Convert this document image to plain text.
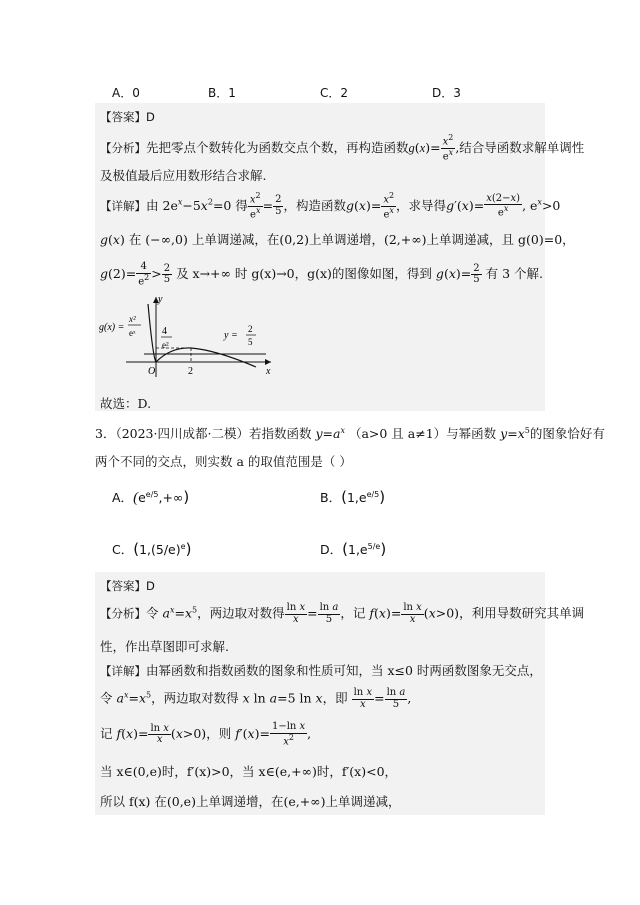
A．0	B．1	C．2	D．3
【答案】D
【分析】先把零点个数转化为函数交点个数，再构造函数$g(x)= \frac{x^2}{e^x}$ ,结合导函数求解单调性
及极值最后应用数形结合求解.
【详解】由 $2e^x-5x^2=0$ 得 $\frac{x^2}{e^x} = \frac{2}{5}$ ，构造函数$g(x)= \frac{x^2}{e^x}$ ，求导得$g'(x)= \frac{x(2-x)}{e^x}$ , $e^x>0$
g(x) 在 (−∞,0) 上单调递减，在(0,2)上单调递增，(2,+∞)上单调递减，且 g(0)=0，
$g(2)= \frac{4}{e^2} > \frac{2}{5}$ 及 x→+∞ 时 g(x)→0，g(x)的图像如图，得到 $g(x)= \frac{2}{5}$ 有 3 个解.
g(x) =
x²
eˣ	4
e²
y =
2
5
y
x
O	2
故选：D.
3．（2023·四川成都·二模）若指数函数 $y=a^x$ （a>0 且 a≠1）与幂函数 $y=x^5$的图象恰好有
两个不同的交点，则实数 a 的取值范围是（ ）
A．$(e^{e/5},+\infty)$	B．$(1,e^{e/5})$
C．$(1,(5/e)^e)$	D．$(1,e^{5/e})$
【答案】D
【分析】令 $a^x=x^5$，两边取对数得 $\frac{\text{ln x}}{x} = \frac{\text{ln a}}{5}$ ，记 $f(x)= \frac{\text{ln x}}{x} (x>0)$，利用导数研究其单调
性，作出草图即可求解.
【详解】由幂函数和指数函数的图象和性质可知，当 x≤0 时两函数图象无交点，
令 $a^x=x^5$，两边取对数得 x ln a=5 ln x，即 $\frac{\text{ln x}}{x} = \frac{\text{ln a}}{5}$ ,
记 $f(x)= \frac{\text{ln x}}{x} (x>0)$，则 $f'(x)= \frac{\text{1−ln x}}{x^2}$ ,
当 x∈(0,e)时，f′(x)>0，当 x∈(e,+∞)时，f′(x)<0，
所以 f(x) 在(0,e)上单调递增，在(e,+∞)上单调递减，
